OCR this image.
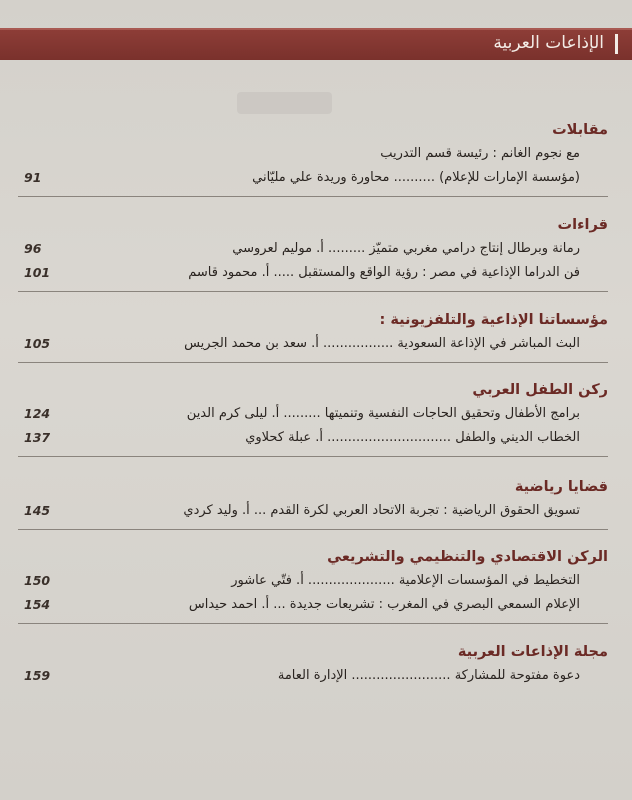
الإذاعات العربية
مقابلات
مع نجوم الغانم : رئيسة قسم التدريب
(مؤسسة الإمارات للإعلام) .......... محاورة وريدة علي مليّاني
91
قراءات
رمانة وبرطال إنتاج درامي مغربي متميّز ......... أ. موليم لعروسي
96
فن الدراما الإذاعية في مصر : رؤية الواقع والمستقبل ..... أ. محمود قاسم
101
مؤسساتنا الإذاعية والتلفزيونية :
البث المباشر في الإذاعة السعودية ................. أ. سعد بن محمد الجريس
105
ركن الطفل العربي
برامج الأطفال وتحقيق الحاجات النفسية وتنميتها ......... أ. ليلى كرم الدين
124
الخطاب الديني والطفل .............................. أ. عبلة كحلاوي
137
قضايا رياضية
تسويق الحقوق الرياضية : تجربة الاتحاد العربي لكرة القدم ... أ. وليد كردي
145
الركن الاقتصادي والتنظيمي والتشريعي
التخطيط في المؤسسات الإعلامية ..................... أ. فتّي عاشور
150
الإعلام السمعي البصري في المغرب : تشريعات جديدة ... أ. احمد حيداس
154
مجلة الإذاعات العربية
دعوة مفتوحة للمشاركة ........................ الإدارة العامة
159
